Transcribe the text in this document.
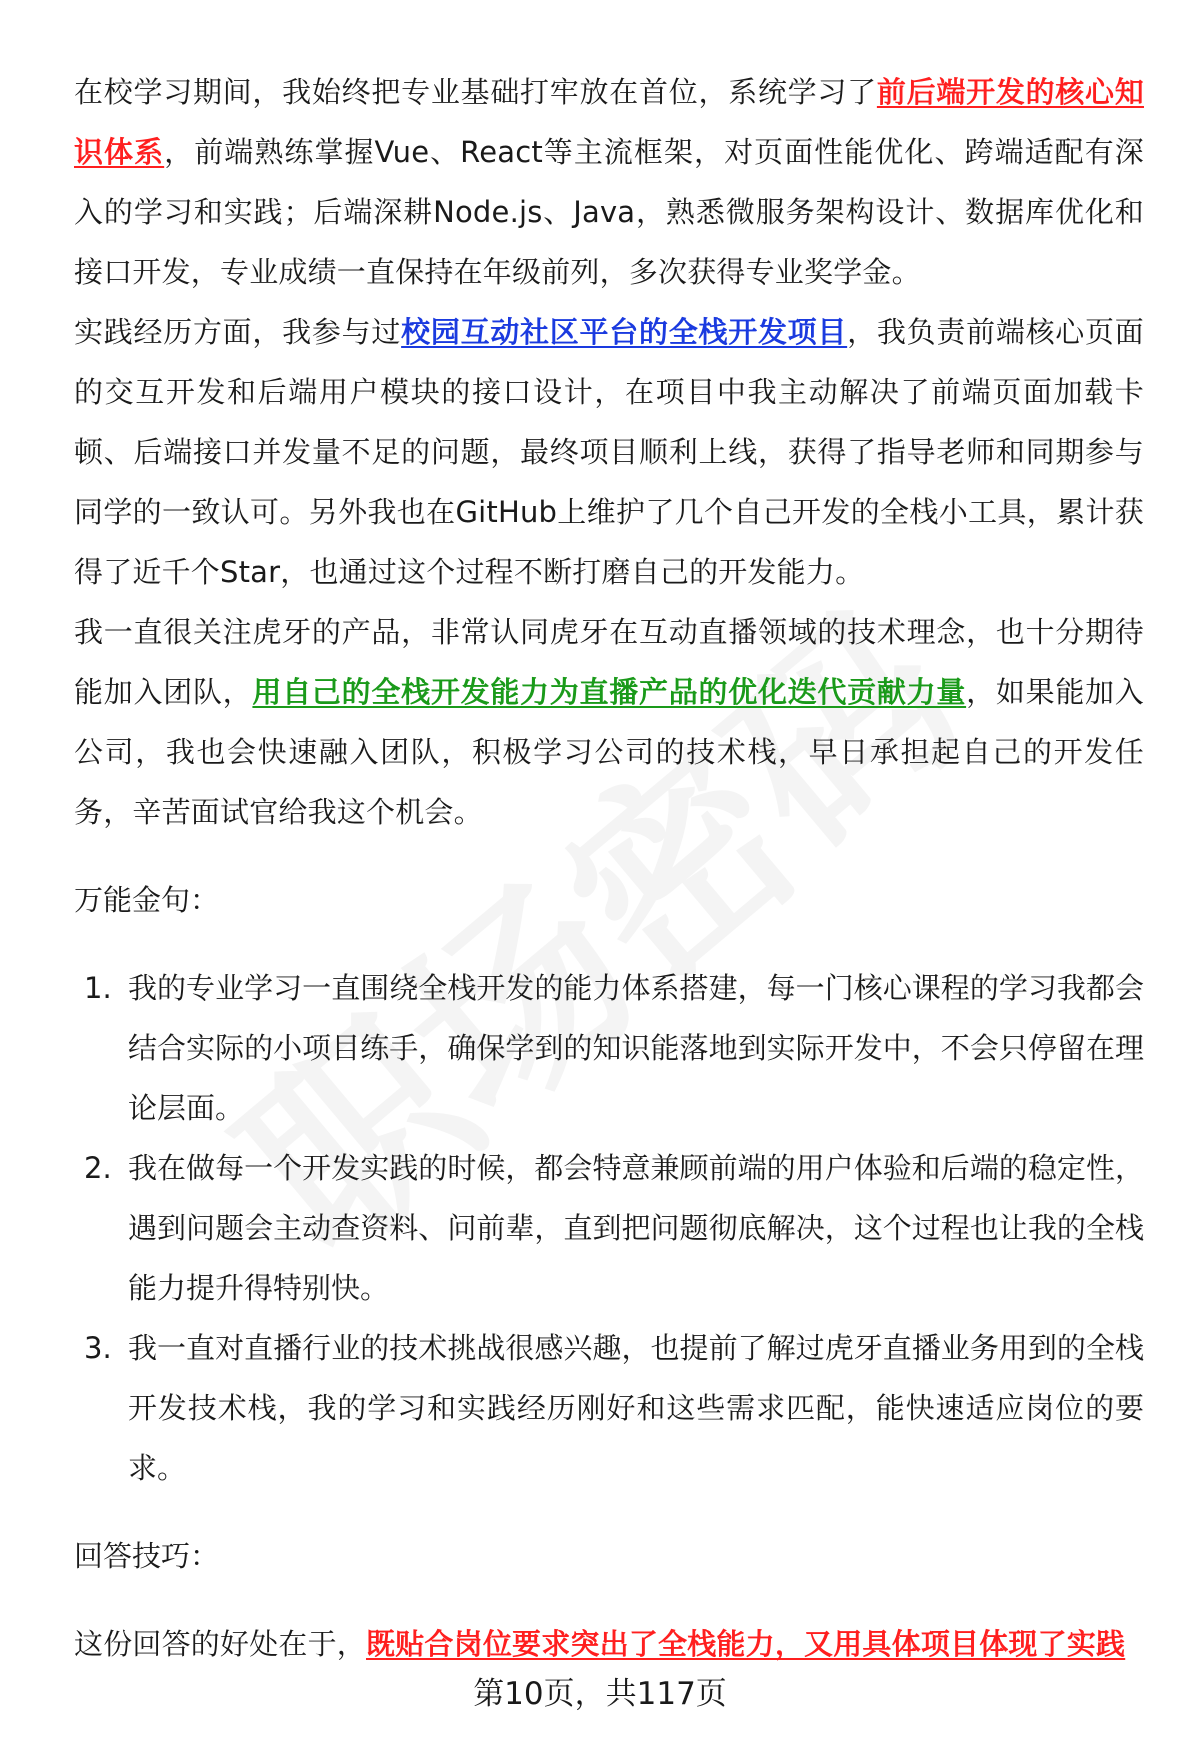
在校学习期间，我始终把专业基础打牢放在首位，系统学习了前后端开发的核心知识体系，前端熟练掌握Vue、React等主流框架，对页面性能优化、跨端适配有深入的学习和实践；后端深耕Node.js、Java，熟悉微服务架构设计、数据库优化和接口开发，专业成绩一直保持在年级前列，多次获得专业奖学金。

实践经历方面，我参与过校园互动社区平台的全栈开发项目，我负责前端核心页面的交互开发和后端用户模块的接口设计，在项目中我主动解决了前端页面加载卡顿、后端接口并发量不足的问题，最终项目顺利上线，获得了指导老师和同期参与同学的一致认可。另外我也在GitHub上维护了几个自己开发的全栈小工具，累计获得了近千个Star，也通过这个过程不断打磨自己的开发能力。

我一直很关注虎牙的产品，非常认同虎牙在互动直播领域的技术理念，也十分期待能加入团队，用自己的全栈开发能力为直播产品的优化迭代贡献力量，如果能加入公司，我也会快速融入团队，积极学习公司的技术栈，早日承担起自己的开发任务，辛苦面试官给我这个机会。

万能金句：

1. 我的专业学习一直围绕全栈开发的能力体系搭建，每一门核心课程的学习我都会结合实际的小项目练手，确保学到的知识能落地到实际开发中，不会只停留在理论层面。
2. 我在做每一个开发实践的时候，都会特意兼顾前端的用户体验和后端的稳定性，遇到问题会主动查资料、问前辈，直到把问题彻底解决，这个过程也让我的全栈能力提升得特别快。
3. 我一直对直播行业的技术挑战很感兴趣，也提前了解过虎牙直播业务用到的全栈开发技术栈，我的学习和实践经历刚好和这些需求匹配，能快速适应岗位的要求。

回答技巧：

这份回答的好处在于，既贴合岗位要求突出了全栈能力，又用具体项目体现了实践

第10页，共117页
